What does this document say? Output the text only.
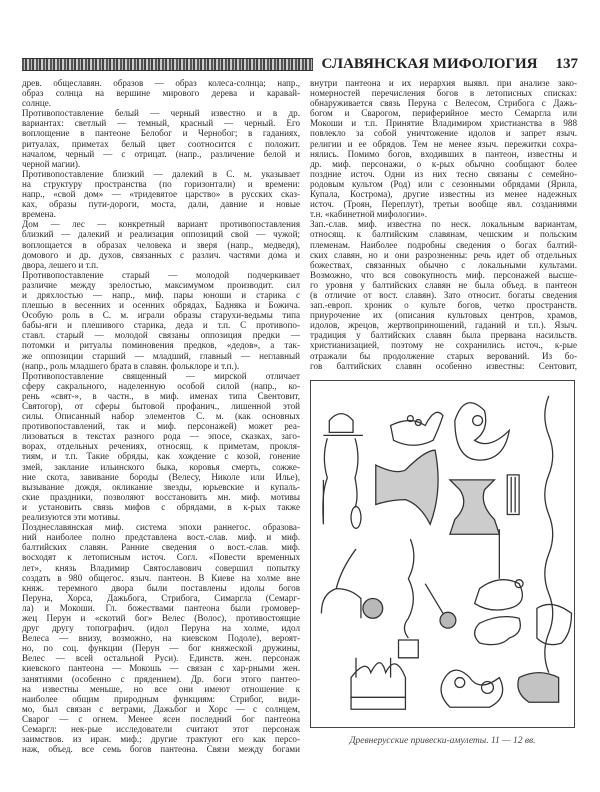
СЛАВЯНСКАЯ МИФОЛОГИЯ 137
древ. общеславян. образов — образ колеса-солнца; напр.,
образ солнца на вершине мирового дерева и каравай-
солнце.
Противопоставление белый — черный известно и в др.
вариантах: светлый — темный, красный — черный. Его
воплощение в пантеоне Белобог и Чернобог; в гаданиях,
ритуалах, приметах белый цвет соотносится с положит.
началом, черный — с отрицат. (напр., различение белой и
черной магии).
Противопоставление близкий — далекий в С. м. указывает
на структуру пространства (по горизонтали) и времени:
напр., «свой дом» — «тридевятое царство» в русских сказ-
ках, образы пути-дороги, моста, дали, давние и новые
времена.
Дом — лес — конкретный вариант противопоставления
близкий — далекий и реализация оппозиций свой — чужой;
воплощается в образах человека и зверя (напр., медведя),
домового и др. духов, связанных с различ. частями дома и
двора, лешего и т.п.
Противопоставление старый — молодой подчеркивает
различие между зрелостью, максимумом производит. сил
и дряхлостью — напр., миф. пары юноши и старика с
плешью в весенних и осенних обрядах, Бадняка и Божича.
Особую роль в С. м. играли образы старухи-ведьмы типа
бабы-яги и плешивого старика, деда и т.п. С противопо-
ставл. старый — молодой связаны оппозиция предки —
потомки и ритуалы поминовения предков, «дедов», а так-
же оппозиции старший — младший, главный — неглавный
(напр., роль младшего брата в славян. фольклоре и т.п.).
Противопоставление священный — мирской отличает
сферу сакрального, наделенную особой силой (напр., ко-
рень «свят-», в частн., в миф. именах типа Свентовит,
Святогор), от сферы бытовой профанич., лишенной этой
силы. Описанный набор элементов С. м. (как основных
противопоставлений, так и миф. персонажей) может реа-
лизоваться в текстах разного рода — эпосе, сказках, заго-
ворах, отдельных речениях, относящ. к приметам, прокля-
тиям, и т.п. Такие обряды, как хождение с козой, гонение
змей, заклание ильинского быка, коровья смерть, сожже-
ние скота, завивание бороды (Велесу, Николе или Илье),
вызывание дождя, окликание звезды, юрьевские и купаль-
ские праздники, позволяют восстановить мн. миф. мотивы
и установить связь мифов с обрядами, в к-рых также
реализуются эти мотивы.
Позднеславянская миф. система эпохи раннегос. образова-
ний наиболее полно представлена вост.-слав. миф. и миф.
балтийских славян. Ранние сведения о вост.-слав. миф.
восходят к летописным источ. Согл. «Повести временных
лет», князь Владимир Святославович совершил попытку
создать в 980 общегос. языч. пантеон. В Киеве на холме вне
княж. теремного двора были поставлены идолы богов
Перуна, Хорса, Дажьбога, Стрибога, Симаргла (Семарг-
ла) и Мокоши. Гл. божествами пантеона были громовер-
жец Перун и «скотий бог» Велес (Волос), противостоящие
друг другу топографич. (идол Перуна на холме, идол
Велеса — внизу, возможно, на киевском Подоле), вероят-
но, по соц. функции (Перун — бог княжеской дружины,
Велес — всей остальной Руси). Единств. жен. персонаж
киевского пантеона — Мокошь — связан с хар-рными жен.
занятиями (особенно с прядением). Др. боги этого пантео-
на известны меньше, но все они имеют отношение к
наиболее общим природным функциям: Стрибог, види-
мо, был связан с ветрами, Дажьбог и Хорс — с солнцем,
Сварог — с огнем. Менее ясен последний бог пантеона
Семаргл: нек-рые исследователи считают этот персонаж
заимствов. из иран. миф.; другие трактуют его как персо-
наж, объед. все семь богов пантеона. Связи между богами
внутри пантеона и их иерархия выявл. при анализе зако-
номерностей перечисления богов в летописных списках:
обнаруживается связь Перуна с Велесом, Стрибога с Дажь-
богом и Сварогом, периферийное место Семаргла или
Мокоши и т.п. Принятие Владимиром христианства в 988
повлекло за собой уничтожение идолов и запрет языч.
религии и ее обрядов. Тем не менее языч. пережитки сохра-
нялись. Помимо богов, входивших в пантеон, известны и
др. миф. персонажи, о к-рых обычно сообщают более
поздние источ. Одни из них тесно связаны с семейно-
родовым культом (Род) или с сезонными обрядами (Ярила,
Купала, Кострома), другие известны из менее надежных
источ. (Троян, Переплут), третьи вообще явл. созданиями
т.н. «кабинетной мифологии».
Зап.-слав. миф. известна по неск. локальным вариантам,
относящ. к балтийским славянам, чешским и польским
племенам. Наиболее подробны сведения о богах балтий-
ских славян, но и они разрозненны: речь идет об отдельных
божествах, связанных обычно с локальными культами.
Возможно, что вся совокупность миф. персонажей высше-
го уровня у балтийских славян не была объед. в пантеон
(в отличие от вост. славян). Зато относит. богаты сведения
зап.-европ. хроник о культе богов, четко пространств.
приурочение их (описания культовых центров, храмов,
идолов, жрецов, жертвоприношений, гаданий и т.п.). Языч.
традиция у балтийских славян была прервана насильств.
христианизацией, поэтому не сохранились источ., к-рые
отражали бы продолжение старых верований. Из бо-
гов балтийских славян особенно известны: Сентовит,
Древнерусские привески-амулеты. 11 — 12 вв.
